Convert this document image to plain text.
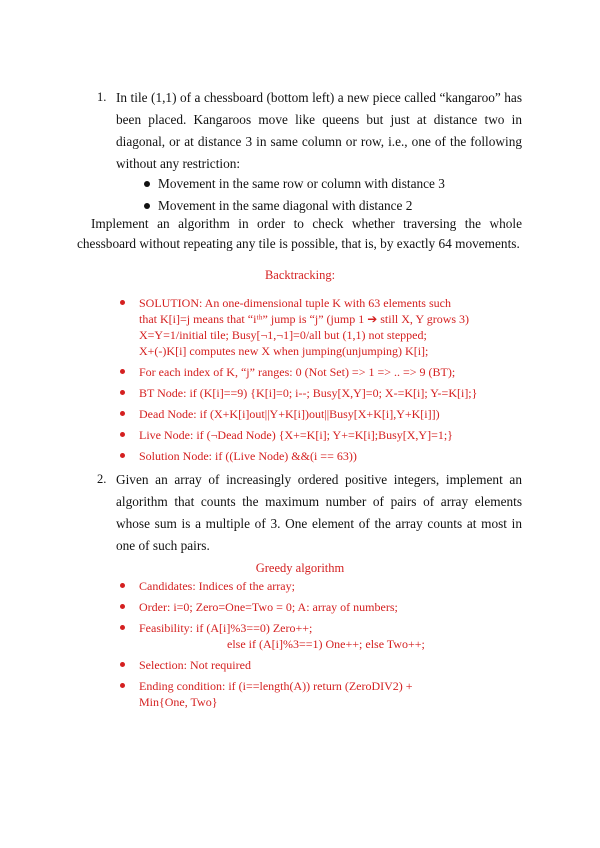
1. In tile (1,1) of a chessboard (bottom left) a new piece called “kangaroo” has been placed. Kangaroos move like queens but just at distance two in diagonal, or at distance 3 in same column or row, i.e., one of the following without any restriction:
Movement in the same row or column with distance 3
Movement in the same diagonal with distance 2
Implement an algorithm in order to check whether traversing the whole chessboard without repeating any tile is possible, that is, by exactly 64 movements.
Backtracking:
SOLUTION: An one-dimensional tuple K with 63 elements such
that K[i]=j means that “iᵗʰ” jump is “j” (jump 1 ➔ still X, Y grows 3)
X=Y=1/initial tile; Busy[¬1,¬1]=0/all but (1,1) not stepped;
X+(-)K[i] computes new X when jumping(unjumping) K[i];
For each index of K, “j” ranges: 0 (Not Set) => 1 => .. => 9 (BT);
BT Node: if (K[i]==9) {K[i]=0; i--; Busy[X,Y]=0; X-=K[i]; Y-=K[i];}
Dead Node: if (X+K[i]out||Y+K[i])out||Busy[X+K[i],Y+K[i]])
Live Node: if (¬Dead Node) {X+=K[i]; Y+=K[i];Busy[X,Y]=1;}
Solution Node: if ((Live Node) &&(i == 63))
2. Given an array of increasingly ordered positive integers, implement an algorithm that counts the maximum number of pairs of array elements whose sum is a multiple of 3. One element of the array counts at most in one of such pairs.
Greedy algorithm
Candidates: Indices of the array;
Order: i=0; Zero=One=Two = 0; A: array of numbers;
Feasibility: if (A[i]%3==0) Zero++;
else if (A[i]%3==1) One++; else Two++;
Selection: Not required
Ending condition: if (i==length(A)) return (ZeroDIV2) +
Min{One, Two}
